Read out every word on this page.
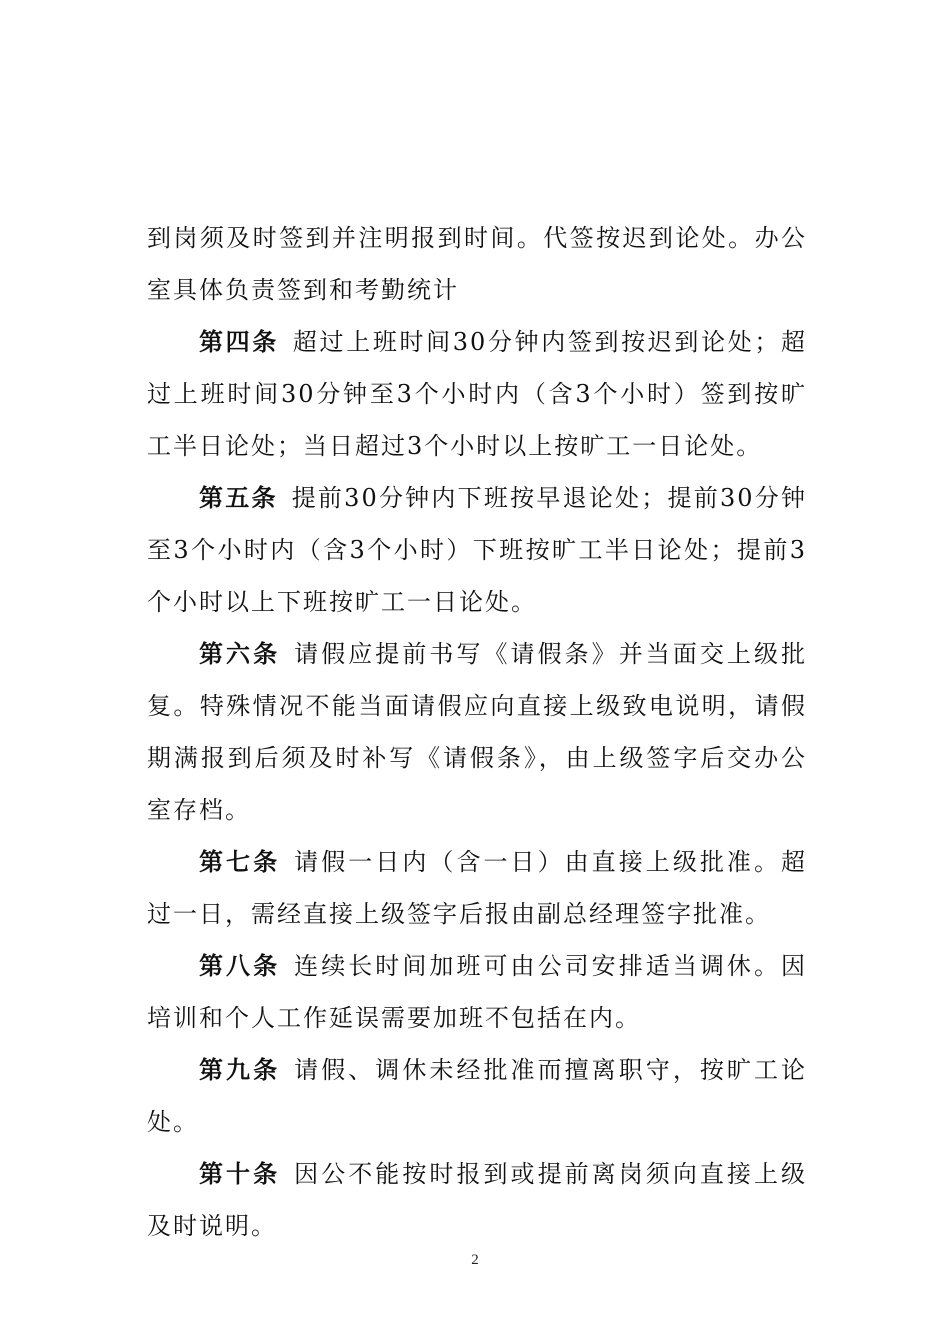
到岗须及时签到并注明报到时间。代签按迟到论处。办公室具体负责签到和考勤统计

第四条 超过上班时间30分钟内签到按迟到论处；超过上班时间30分钟至3个小时内（含3个小时）签到按旷工半日论处；当日超过3个小时以上按旷工一日论处。

第五条 提前30分钟内下班按早退论处；提前30分钟至3个小时内（含3个小时）下班按旷工半日论处；提前3个小时以上下班按旷工一日论处。

第六条 请假应提前书写《请假条》并当面交上级批复。特殊情况不能当面请假应向直接上级致电说明，请假期满报到后须及时补写《请假条》，由上级签字后交办公室存档。

第七条 请假一日内（含一日）由直接上级批准。超过一日，需经直接上级签字后报由副总经理签字批准。

第八条 连续长时间加班可由公司安排适当调休。因培训和个人工作延误需要加班不包括在内。

第九条 请假、调休未经批准而擅离职守，按旷工论处。

第十条 因公不能按时报到或提前离岗须向直接上级及时说明。

2
